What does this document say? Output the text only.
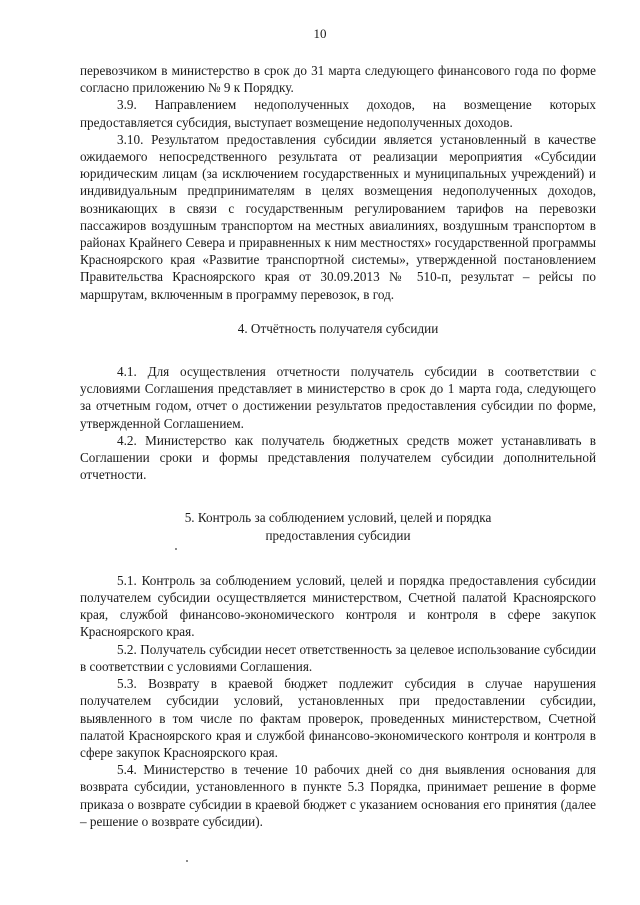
10

перевозчиком в министерство в срок до 31 марта следующего финансового года по форме согласно приложению № 9 к Порядку.

3.9. Направлением недополученных доходов, на возмещение которых предоставляется субсидия, выступает возмещение недополученных доходов.

3.10. Результатом предоставления субсидии является установленный в качестве ожидаемого непосредственного результата от реализации мероприятия «Субсидии юридическим лицам (за исключением государственных и муниципальных учреждений) и индивидуальным предпринимателям в целях возмещения недополученных доходов, возникающих в связи с государственным регулированием тарифов на перевозки пассажиров воздушным транспортом на местных авиалиниях, воздушным транспортом в районах Крайнего Севера и приравненных к ним местностях» государственной программы Красноярского края «Развитие транспортной системы», утвержденной постановлением Правительства Красноярского края от 30.09.2013 № 510-п, результат – рейсы по маршрутам, включенным в программу перевозок, в год.

4. Отчётность получателя субсидии

4.1. Для осуществления отчетности получатель субсидии в соответствии с условиями Соглашения представляет в министерство в срок до 1 марта года, следующего за отчетным годом, отчет о достижении результатов предоставления субсидии по форме, утвержденной Соглашением.

4.2. Министерство как получатель бюджетных средств может устанавливать в Соглашении сроки и формы представления получателем субсидии дополнительной отчетности.

5. Контроль за соблюдением условий, целей и порядка

предоставления субсидии

5.1. Контроль за соблюдением условий, целей и порядка предоставления субсидии получателем субсидии осуществляется министерством, Счетной палатой Красноярского края, службой финансово-экономического контроля и контроля в сфере закупок Красноярского края.

5.2. Получатель субсидии несет ответственность за целевое использование субсидии в соответствии с условиями Соглашения.

5.3. Возврату в краевой бюджет подлежит субсидия в случае нарушения получателем субсидии условий, установленных при предоставлении субсидии, выявленного в том числе по фактам проверок, проведенных министерством, Счетной палатой Красноярского края и службой финансово-экономического контроля и контроля в сфере закупок Красноярского края.

5.4. Министерство в течение 10 рабочих дней со дня выявления основания для возврата субсидии, установленного в пункте 5.3 Порядка, принимает решение в форме приказа о возврате субсидии в краевой бюджет с указанием основания его принятия (далее – решение о возврате субсидии).
